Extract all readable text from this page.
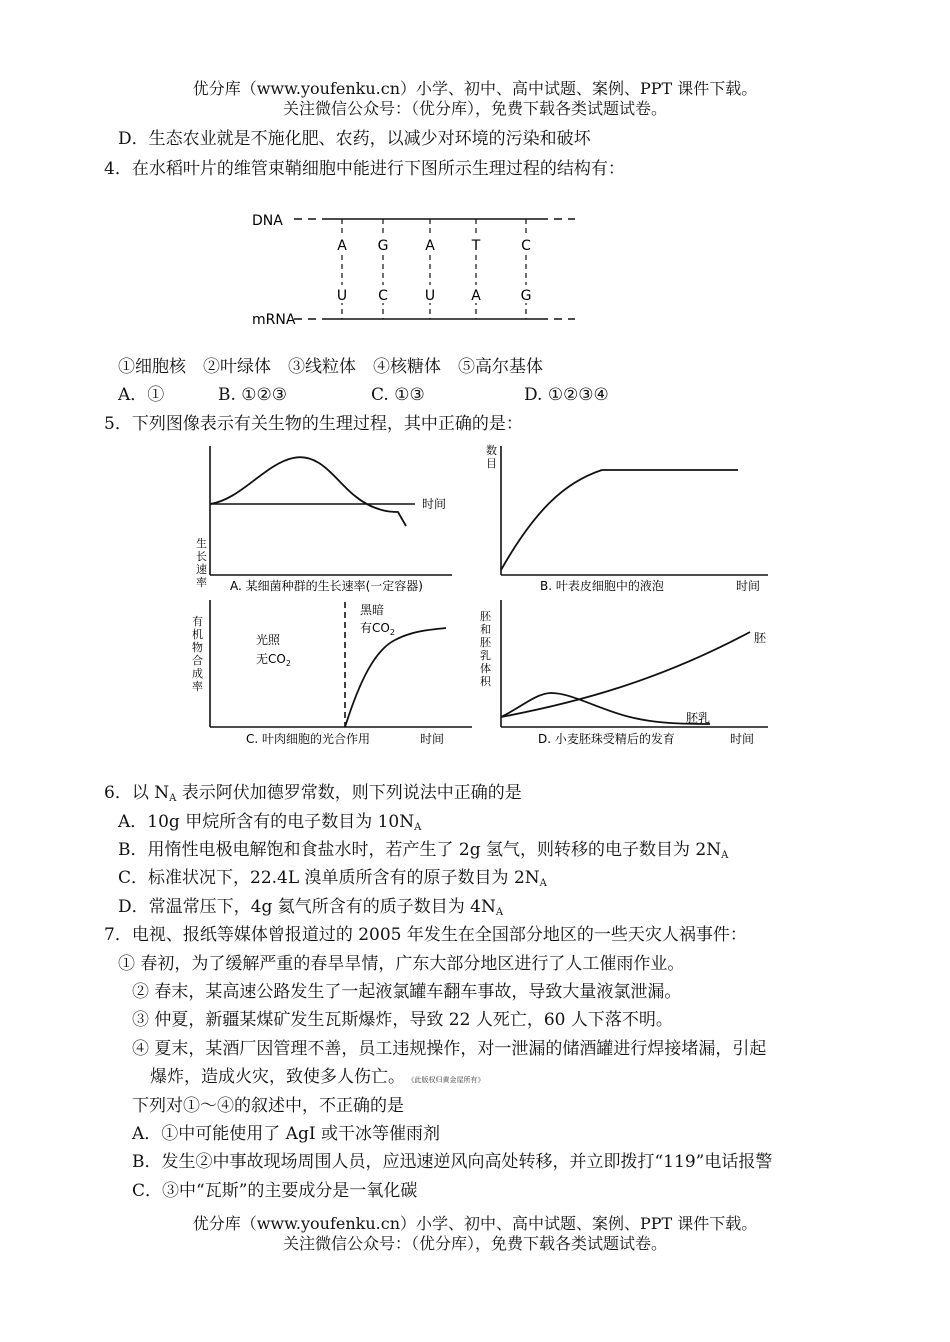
优分库（www.youfenku.cn）小学、初中、高中试题、案例、PPT 课件下载。
关注微信公众号：（优分库），免费下载各类试题试卷。
D．生态农业就是不施化肥、农药，以减少对环境的污染和破坏
4．在水稻叶片的维管束鞘细胞中能进行下图所示生理过程的结构有：
DNA
mRNA
A
U
G
C
A
U
T
A
C
G
①细胞核　②叶绿体　③线粒体　④核糖体　⑤高尔基体
A．①	B. ①②③	C. ①③	D. ①②③④
5．下列图像表示有关生物的生理过程，其中正确的是：
生长速率
时间
A. 某细菌种群的生长速率(一定容器)
数目
时间
B. 叶表皮细胞中的液泡
有机物合成率
光照
无$CO_2$
黑暗
有$CO_2$
C. 叶肉细胞的光合作用	时间
胚和胚乳体积
胚
胚乳
D. 小麦胚珠受精后的发育	时间
6．以 $N_A$ 表示阿伏加德罗常数，则下列说法中正确的是
A．10g 甲烷所含有的电子数目为 $10N_A$
B．用惰性电极电解饱和食盐水时，若产生了 2g 氢气，则转移的电子数目为 $2N_A$
C．标准状况下，22.4L 溴单质所含有的原子数目为 $2N_A$
D．常温常压下，4g 氦气所含有的质子数目为 $4N_A$
7．电视、报纸等媒体曾报道过的 2005 年发生在全国部分地区的一些天灾人祸事件：
① 春初，为了缓解严重的春旱旱情，广东大部分地区进行了人工催雨作业。
② 春末，某高速公路发生了一起液氯罐车翻车事故，导致大量液氯泄漏。
③ 仲夏，新疆某煤矿发生瓦斯爆炸，导致 22 人死亡，60 人下落不明。
④ 夏末，某酒厂因管理不善，员工违规操作，对一泄漏的储酒罐进行焊接堵漏，引起
爆炸，造成火灾，致使多人伤亡。 《此版权归黄金屋所有》
下列对①～④的叙述中，不正确的是
A．①中可能使用了 AgI 或干冰等催雨剂
B．发生②中事故现场周围人员，应迅速逆风向高处转移，并立即拨打“119”电话报警
C．③中“瓦斯”的主要成分是一氧化碳
优分库（www.youfenku.cn）小学、初中、高中试题、案例、PPT 课件下载。
关注微信公众号：（优分库），免费下载各类试题试卷。
